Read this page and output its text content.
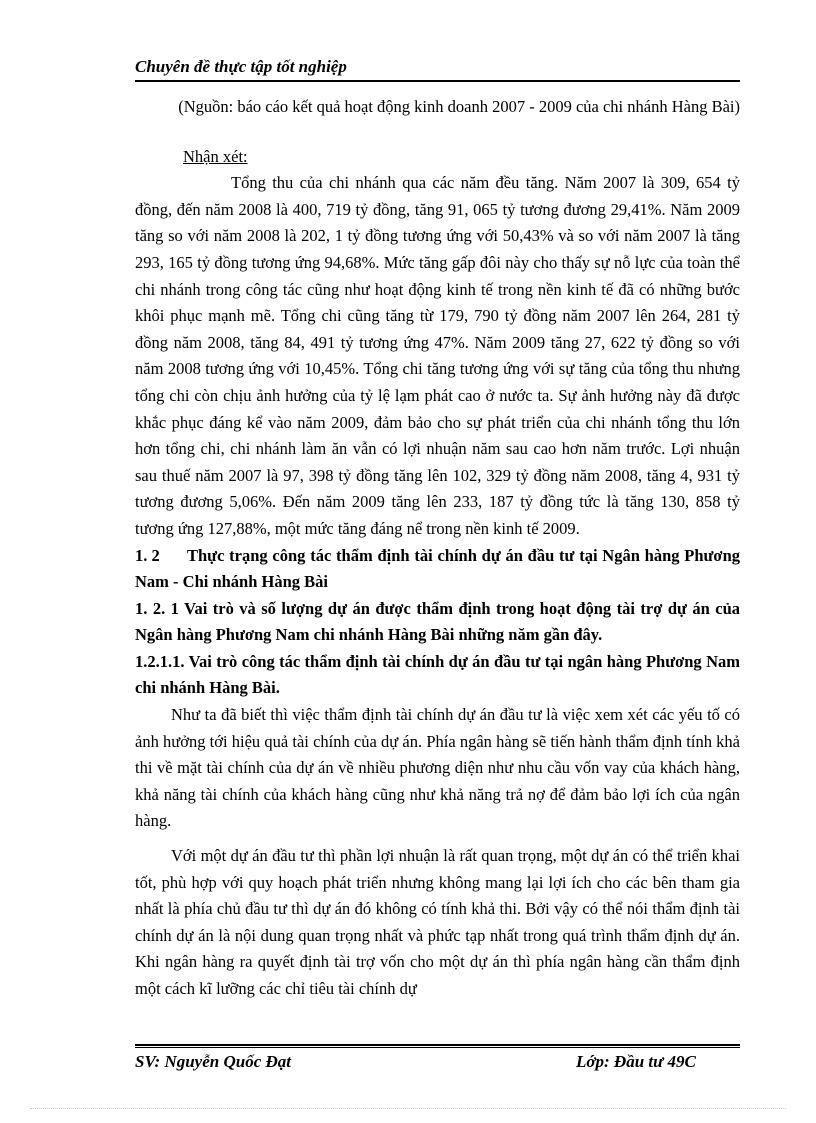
Chuyên đề thực tập tốt nghiệp

(Nguồn: báo cáo kết quả hoạt động kinh doanh 2007 - 2009 của chi nhánh Hàng Bài)

Nhận xét:

Tổng thu của chi nhánh qua các năm đều tăng. Năm 2007 là 309, 654 tỷ đồng, đến năm 2008 là 400, 719 tỷ đồng, tăng 91, 065 tỷ tương đương 29,41%. Năm 2009 tăng so với năm 2008 là 202, 1 tỷ đồng tương ứng với 50,43% và so với năm 2007 là tăng 293, 165 tỷ đồng tương ứng 94,68%. Mức tăng gấp đôi này cho thấy sự nỗ lực của toàn thể chi nhánh trong công tác cũng như hoạt động kinh tế trong nền kinh tế đã có những bước khôi phục mạnh mẽ. Tổng chi cũng tăng từ 179, 790 tỷ đồng năm 2007 lên 264, 281 tỷ đồng năm 2008, tăng 84, 491 tỷ tương ứng 47%. Năm 2009 tăng 27, 622 tỷ đồng so với năm 2008 tương ứng với 10,45%. Tổng chi tăng tương ứng với sự tăng của tổng thu nhưng tổng chi còn chịu ảnh hưởng của tỷ lệ lạm phát cao ở nước ta. Sự ảnh hưởng này đã được khắc phục đáng kể vào năm 2009, đảm bảo cho sự phát triển của chi nhánh tổng thu lớn hơn tổng chi, chi nhánh làm ăn vẫn có lợi nhuận năm sau cao hơn năm trước. Lợi nhuận sau thuế năm 2007 là 97, 398 tỷ đồng tăng lên 102, 329 tỷ đồng năm 2008, tăng 4, 931 tỷ tương đương 5,06%. Đến năm 2009 tăng lên 233, 187 tỷ đồng tức là tăng 130, 858 tỷ tương ứng 127,88%, một mức tăng đáng nể trong nền kinh tế 2009.

1. 2 Thực trạng công tác thẩm định tài chính dự án đầu tư tại Ngân hàng Phương Nam - Chi nhánh Hàng Bài

1. 2. 1 Vai trò và số lượng dự án được thẩm định trong hoạt động tài trợ dự án của Ngân hàng Phương Nam chi nhánh Hàng Bài những năm gần đây.

1.2.1.1. Vai trò công tác thẩm định tài chính dự án đầu tư tại ngân hàng Phương Nam chi nhánh Hàng Bài.

Như ta đã biết thì việc thẩm định tài chính dự án đầu tư là việc xem xét các yếu tố có ảnh hưởng tới hiệu quả tài chính của dự án. Phía ngân hàng sẽ tiến hành thẩm định tính khả thi về mặt tài chính của dự án về nhiều phương diện như nhu cầu vốn vay của khách hàng, khả năng tài chính của khách hàng cũng như khả năng trả nợ để đảm bảo lợi ích của ngân hàng.

Với một dự án đầu tư thì phần lợi nhuận là rất quan trọng, một dự án có thể triển khai tốt, phù hợp với quy hoạch phát triển nhưng không mang lại lợi ích cho các bên tham gia nhất là phía chủ đầu tư thì dự án đó không có tính khả thi. Bởi vậy có thể nói thẩm định tài chính dự án là nội dung quan trọng nhất và phức tạp nhất trong quá trình thẩm định dự án. Khi ngân hàng ra quyết định tài trợ vốn cho một dự án thì phía ngân hàng cần thẩm định một cách kĩ lưỡng các chỉ tiêu tài chính dự

SV: Nguyễn Quốc Đạt	Lớp: Đầu tư 49C
